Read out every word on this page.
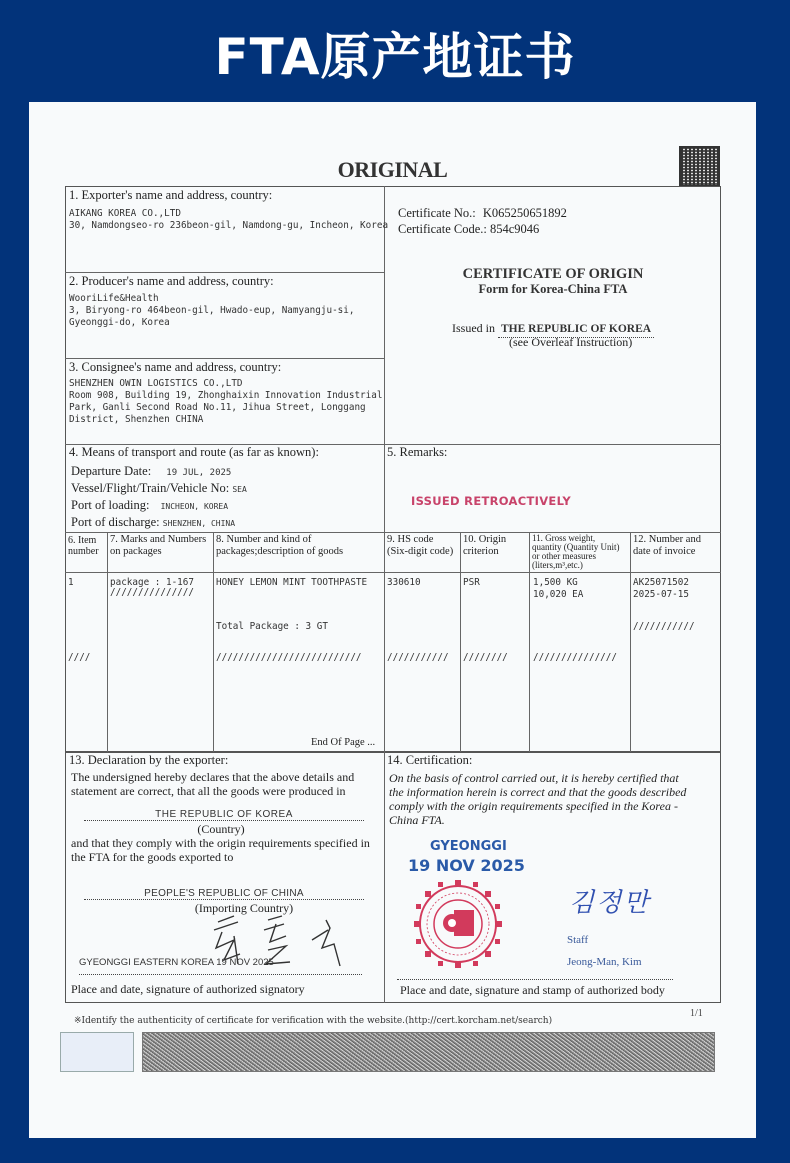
FTA原产地证书
ORIGINAL
1. Exporter's name and address, country:
AIKANG KOREA CO.,LTD
30, Namdongseo-ro 236beon-gil, Namdong-gu, Incheon, Korea
Certificate No.: K065250651892
Certificate Code.: 854c9046
CERTIFICATE OF ORIGIN
Form for Korea-China FTA
Issued in THE REPUBLIC OF KOREA
(see Overleaf Instruction)
2. Producer's name and address, country:
WooriLife&Health
3, Biryong-ro 464beon-gil, Hwado-eup, Namyangju-si,
Gyeonggi-do, Korea
3. Consignee's name and address, country:
SHENZHEN OWIN LOGISTICS CO.,LTD
Room 908, Building 19, Zhonghaixin Innovation Industrial
Park, Ganli Second Road No.11, Jihua Street, Longgang
District, Shenzhen CHINA
4. Means of transport and route (as far as known):
Departure Date: 19 JUL, 2025
Vessel/Flight/Train/Vehicle No: SEA
Port of loading: INCHEON, KOREA
Port of discharge: SHENZHEN, CHINA
5. Remarks:
ISSUED RETROACTIVELY
6. Item
number
7. Marks and Numbers
on packages
8. Number and kind of
packages;description of goods
9. HS code
(Six-digit code)
10. Origin
criterion
11. Gross weight,
quantity (Quantity Unit)
or other measures
(liters,m³,etc.)
12. Number and
date of invoice
1
////
package : 1-167
///////////////
HONEY LEMON MINT TOOTHPASTE
Total Package : 3 GT
//////////////////////////
330610
///////////
PSR
////////
1,500 KG
10,020 EA
///////////////
AK25071502
2025-07-15
///////////
End Of Page ...
13. Declaration by the exporter:
The undersigned hereby declares that the above details and
statement are correct, that all the goods were produced in
THE REPUBLIC OF KOREA
(Country)
and that they comply with the origin requirements specified in
the FTA for the goods exported to
PEOPLE'S REPUBLIC OF CHINA
(Importing Country)
GYEONGGI EASTERN KOREA 19 NOV 2025
Place and date, signature of authorized signatory
14. Certification:
On the basis of control carried out, it is hereby certified that
the information herein is correct and that the goods described
comply with the origin requirements specified in the Korea -
China FTA.
GYEONGGI
19 NOV 2025
김정만
Staff
Jeong-Man, Kim
Place and date, signature and stamp of authorized body
1/1
※Identify the authenticity of certificate for verification with the website.(http://cert.korcham.net/search)
